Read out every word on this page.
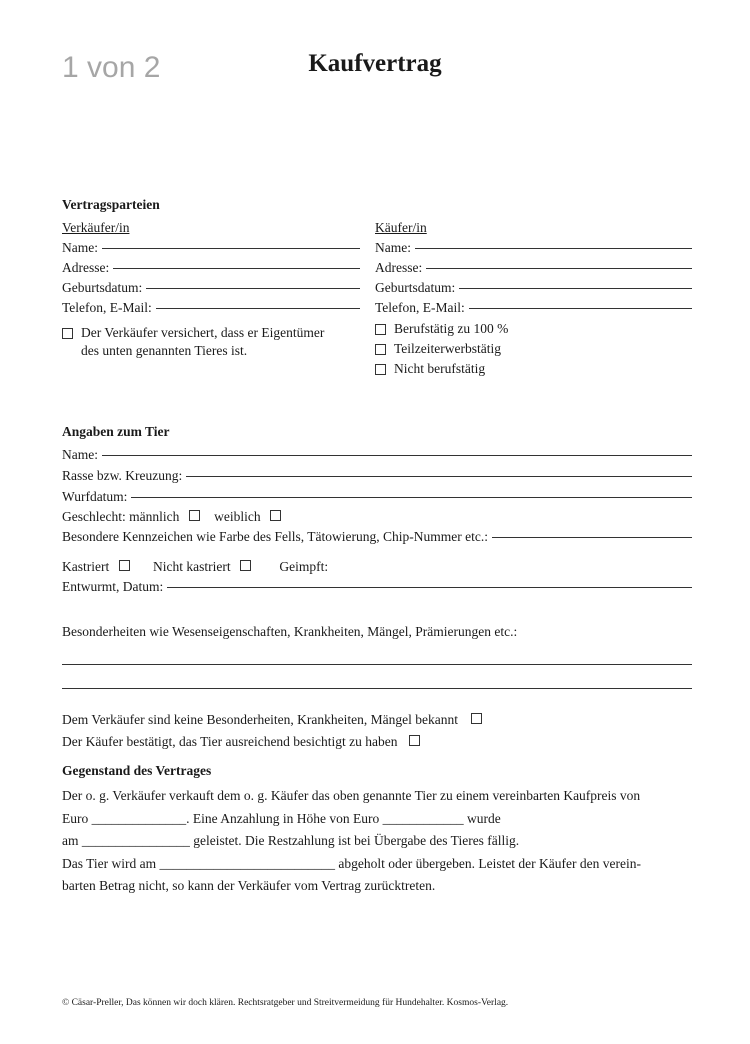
1 von 2	Kaufvertrag
Vertragsparteien
Verkäufer/in
Name:
Adresse:
Geburtsdatum:
Telefon, E-Mail:
Der Verkäufer versichert, dass er Eigentümer
des unten genannten Tieres ist.
Käufer/in
Name:
Adresse:
Geburtsdatum:
Telefon, E-Mail:
Berufstätig zu 100 %
Teilzeiterwerbstätig
Nicht berufstätig
Angaben zum Tier
Name:
Rasse bzw. Kreuzung:
Wurfdatum:
Geschlecht: männlich	weiblich
Besondere Kennzeichen wie Farbe des Fells, Tätowierung, Chip-Nummer etc.:
Kastriert	Nicht kastriert	Geimpft:
Entwurmt, Datum:
Besonderheiten wie Wesenseigenschaften, Krankheiten, Mängel, Prämierungen etc.:
Dem Verkäufer sind keine Besonderheiten, Krankheiten, Mängel bekannt
Der Käufer bestätigt, das Tier ausreichend besichtigt zu haben
Gegenstand des Vertrages
Der o. g. Verkäufer verkauft dem o. g. Käufer das oben genannte Tier zu einem vereinbarten Kaufpreis von
Euro ______________. Eine Anzahlung in Höhe von Euro ____________ wurde
am ________________ geleistet. Die Restzahlung ist bei Übergabe des Tieres fällig.
Das Tier wird am __________________________ abgeholt oder übergeben. Leistet der Käufer den verein-
barten Betrag nicht, so kann der Verkäufer vom Vertrag zurücktreten.
© Cäsar-Preller, Das können wir doch klären. Rechtsratgeber und Streitvermeidung für Hundehalter. Kosmos-Verlag.
